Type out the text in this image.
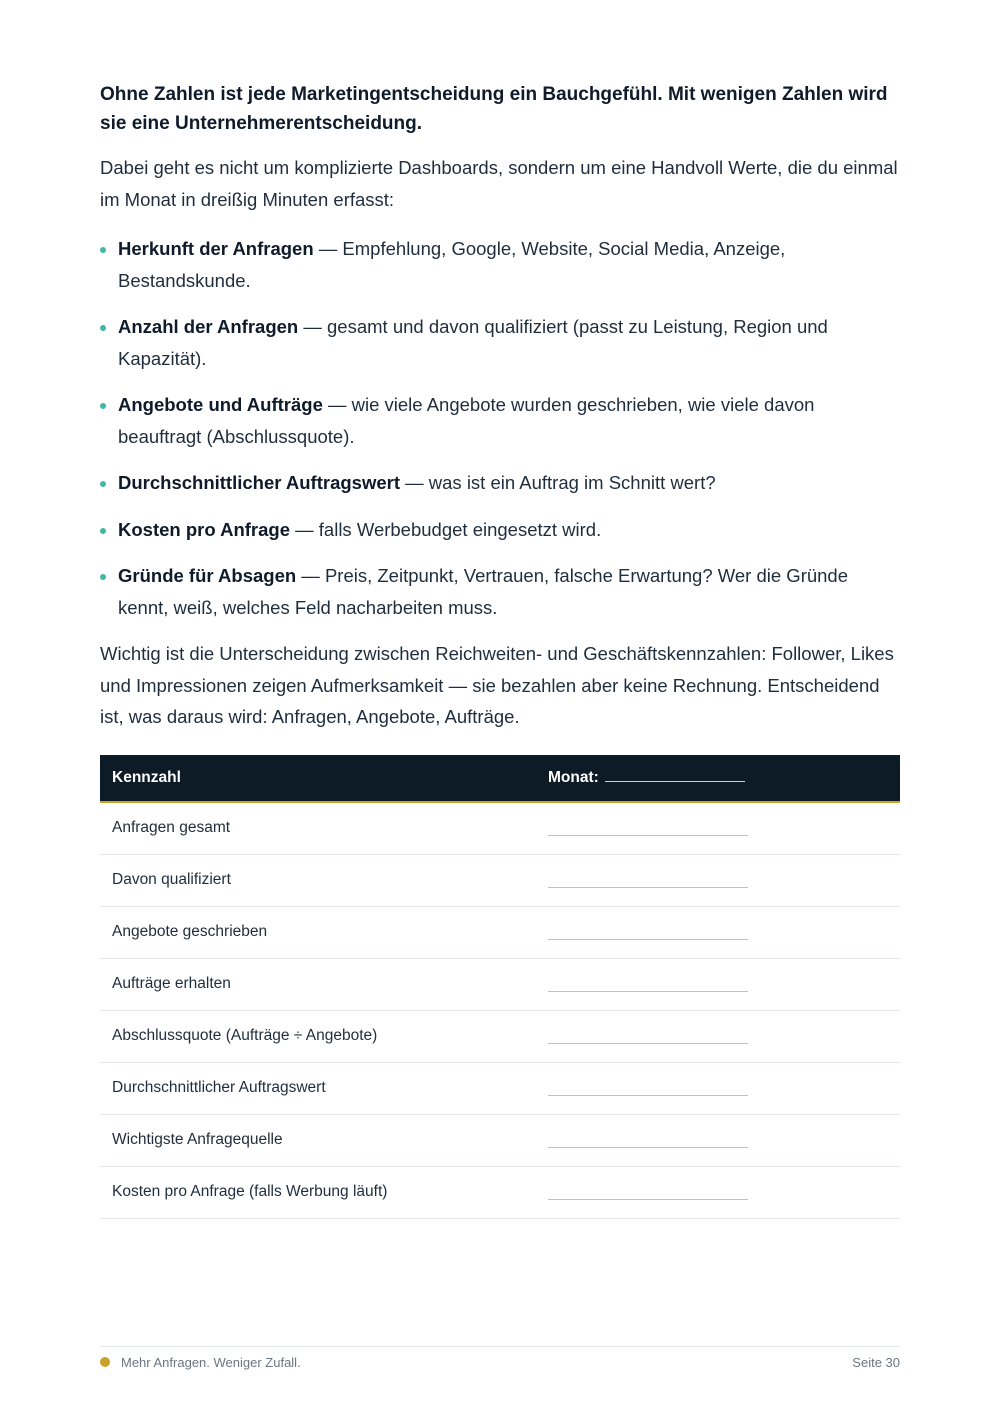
Ohne Zahlen ist jede Marketingentscheidung ein Bauchgefühl. Mit wenigen Zahlen wird sie eine Unternehmerentscheidung.

Dabei geht es nicht um komplizierte Dashboards, sondern um eine Handvoll Werte, die du einmal im Monat in dreißig Minuten erfasst:

Herkunft der Anfragen — Empfehlung, Google, Website, Social Media, Anzeige, Bestandskunde.
Anzahl der Anfragen — gesamt und davon qualifiziert (passt zu Leistung, Region und Kapazität).
Angebote und Aufträge — wie viele Angebote wurden geschrieben, wie viele davon beauftragt (Abschlussquote).
Durchschnittlicher Auftragswert — was ist ein Auftrag im Schnitt wert?
Kosten pro Anfrage — falls Werbebudget eingesetzt wird.
Gründe für Absagen — Preis, Zeitpunkt, Vertrauen, falsche Erwartung? Wer die Gründe kennt, weiß, welches Feld nacharbeiten muss.

Wichtig ist die Unterscheidung zwischen Reichweiten- und Geschäftskennzahlen: Follower, Likes und Impressionen zeigen Aufmerksamkeit — sie bezahlen aber keine Rechnung. Entscheidend ist, was daraus wird: Anfragen, Angebote, Aufträge.

Kennzahl	Monat:
Anfragen gesamt	

Davon qualifiziert	

Angebote geschrieben	

Aufträge erhalten	

Abschlussquote (Aufträge ÷ Angebote)	

Durchschnittlicher Auftragswert	

Wichtigste Anfragequelle	

Kosten pro Anfrage (falls Werbung läuft)	
Mehr Anfragen. Weniger Zufall.	Seite 30
